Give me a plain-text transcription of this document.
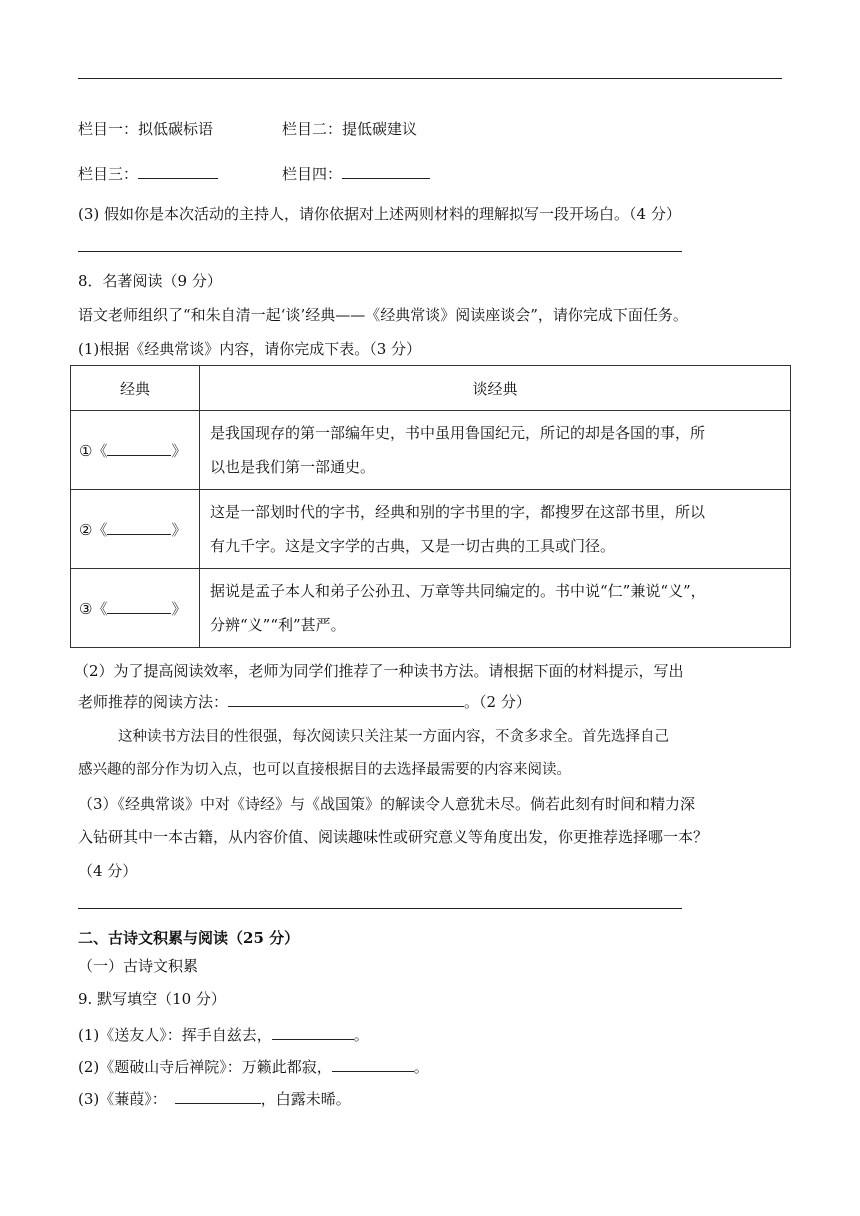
栏目一：拟低碳标语	栏目二：提低碳建议
栏目三：	栏目四：
(3) 假如你是本次活动的主持人，请你依据对上述两则材料的理解拟写一段开场白。（4 分）
8．名著阅读（9 分）
语文老师组织了“和朱自清一起‘谈’经典——《经典常谈》阅读座谈会”，请你完成下面任务。
(1)根据《经典常谈》内容，请你完成下表。（3 分）
经典	谈经典
①《 》	是我国现存的第一部编年史，书中虽用鲁国纪元，所记的却是各国的事，所
以也是我们第一部通史。

②《 》	这是一部划时代的字书，经典和别的字书里的字，都搜罗在这部书里，所以
有九千字。这是文字学的古典，又是一切古典的工具或门径。

③《 》	据说是孟子本人和弟子公孙丑、万章等共同编定的。书中说“仁”兼说“义”，
分辨“义”“利”甚严。
（2）为了提高阅读效率，老师为同学们推荐了一种读书方法。请根据下面的材料提示，写出
老师推荐的阅读方法：	。（2 分）
这种读书方法目的性很强，每次阅读只关注某一方面内容，不贪多求全。首先选择自己
感兴趣的部分作为切入点，也可以直接根据目的去选择最需要的内容来阅读。
（3）《经典常谈》中对《诗经》与《战国策》的解读令人意犹未尽。倘若此刻有时间和精力深
入钻研其中一本古籍，从内容价值、阅读趣味性或研究意义等角度出发，你更推荐选择哪一本？
（4 分）
二、古诗文积累与阅读（25 分）
（一）古诗文积累
9. 默写填空（10 分）
(1)《送友人》：挥手自兹去，	。
(2)《题破山寺后禅院》：万籁此都寂，	。
(3)《蒹葭》：	，白露未晞。
